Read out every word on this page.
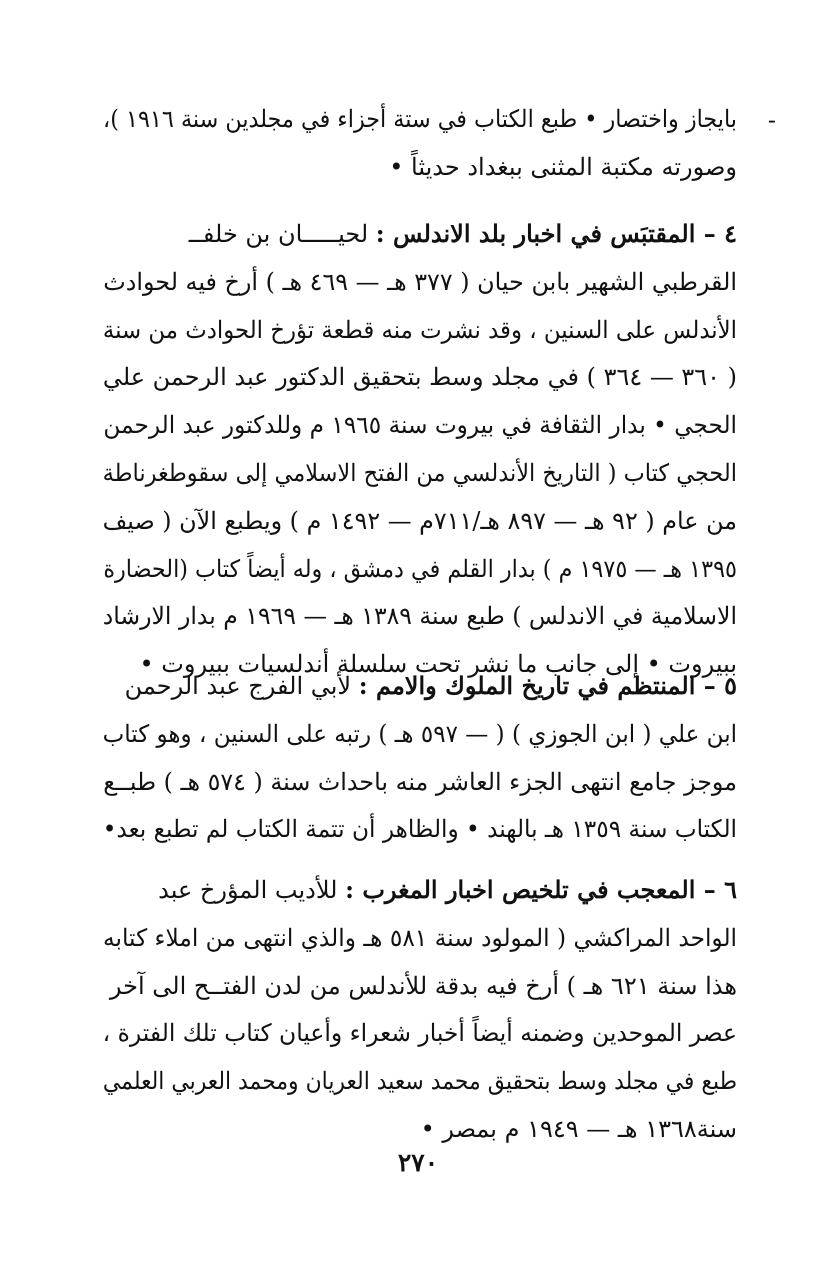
-

بايجاز واختصار • طبع الكتاب في ستة أجزاء في مجلدين سنة ١٩١٦ )،
وصورته مكتبة المثنى ببغداد حديثاً •

٤ – المقتبَس في اخبار بلد الاندلس : لحيـــــان بن خلفــ
القرطبي الشهير بابن حيان ( ٣٧٧ هـ — ٤٦٩ هـ ) أرخ فيه لحوادث
الأندلس على السنين ، وقد نشرت منه قطعة تؤرخ الحوادث من سنة
( ٣٦٠ — ٣٦٤ ) في مجلد وسط بتحقيق الدكتور عبد الرحمن علي
الحجي • بدار الثقافة في بيروت سنة ١٩٦٥ م وللدكتور عبد الرحمن
الحجي كتاب ( التاريخ الأندلسي من الفتح الاسلامي إلى سقوطغرناطة
من عام ( ٩٢ هـ — ٨٩٧ هـ/٧١١م — ١٤٩٢ م ) ويطبع الآن ( صيف
١٣٩٥ هـ — ١٩٧٥ م ) بدار القلم في دمشق ، وله أيضاً كتاب (الحضارة
الاسلامية في الاندلس ) طبع سنة ١٣٨٩ هـ — ١٩٦٩ م بدار الارشاد
ببيروت • إلى جانب ما نشر تحت سلسلة أندلسيات ببيروت •

٥ – المنتظم في تاريخ الملوك والامم : لأبي الفرج عبد الرحمن
ابن علي ( ابن الجوزي ) ( — ٥٩٧ هـ ) رتبه على السنين ، وهو كتاب
موجز جامع انتهى الجزء العاشر منه باحداث سنة ( ٥٧٤ هـ ) طبــع
الكتاب سنة ١٣٥٩ هـ بالهند • والظاهر أن تتمة الكتاب لم تطبع بعد•

٦ – المعجب في تلخيص اخبار المغرب : للأديب المؤرخ عبد
الواحد المراكشي ( المولود سنة ٥٨١ هـ والذي انتهى من املاء كتابه
هذا سنة ٦٢١ هـ ) أرخ فيه بدقة للأندلس من لدن الفتــح الى آخر
عصر الموحدين وضمنه أيضاً أخبار شعراء وأعيان كتاب تلك الفترة ،
طبع في مجلد وسط بتحقيق محمد سعيد العريان ومحمد العربي العلمي
سنة١٣٦٨ هـ — ١٩٤٩ م بمصر •

٢٧٠
